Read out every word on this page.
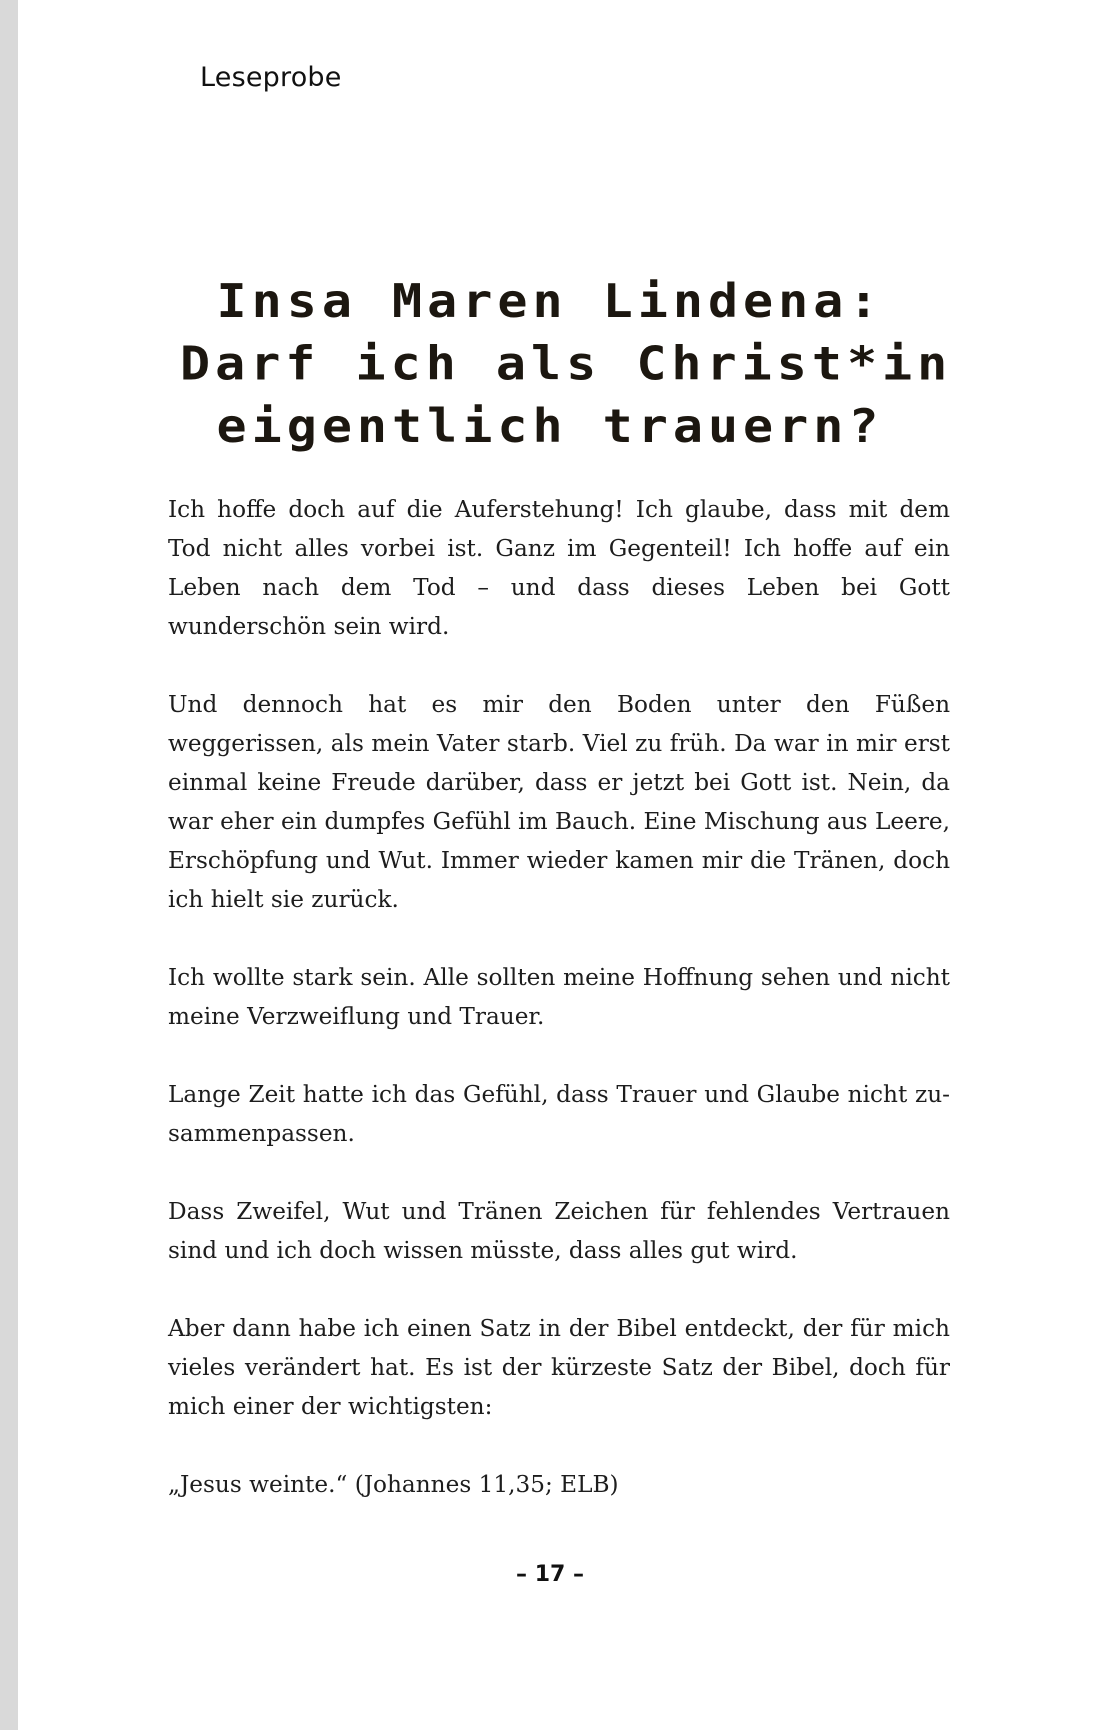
Leseprobe
Insa Maren Lindena:
Darf ich als Christ*in
eigentlich trauern?

Ich hoffe doch auf die Auferstehung! Ich glaube, dass mit dem Tod nicht alles vorbei ist. Ganz im Gegenteil! Ich hoffe auf ein Leben nach dem Tod – und dass dieses Leben bei Gott wunderschön sein wird.

Und dennoch hat es mir den Boden unter den Füßen weggerissen, als mein Vater starb. Viel zu früh. Da war in mir erst einmal keine Freude darüber, dass er jetzt bei Gott ist. Nein, da war eher ein dumpfes Gefühl im Bauch. Eine Mischung aus Leere, Erschöpfung und Wut. Immer wieder kamen mir die Tränen, doch ich hielt sie zurück.

Ich wollte stark sein. Alle sollten meine Hoffnung sehen und nicht meine Verzweiflung und Trauer.

Lange Zeit hatte ich das Gefühl, dass Trauer und Glaube nicht zusammenpassen.

Dass Zweifel, Wut und Tränen Zeichen für fehlendes Vertrauen sind und ich doch wissen müsste, dass alles gut wird.

Aber dann habe ich einen Satz in der Bibel entdeckt, der für mich vieles verändert hat. Es ist der kürzeste Satz der Bibel, doch für mich einer der wichtigsten:

„Jesus weinte.“ (Johannes 11,35; ELB)

– 17 –
